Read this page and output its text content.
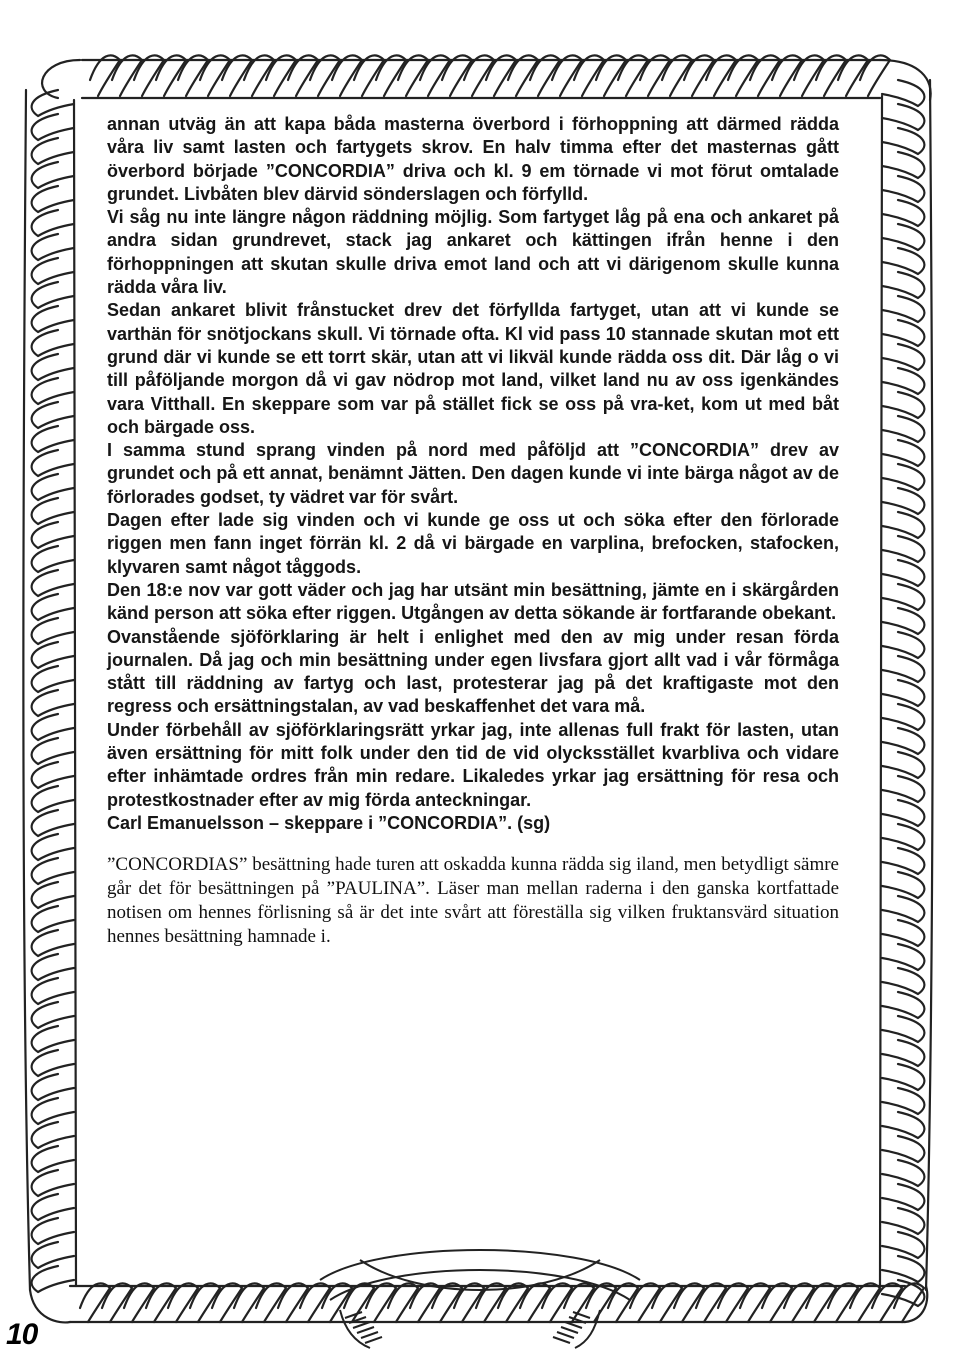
annan utväg än att kapa båda masterna överbord i förhoppning att därmed rädda våra liv samt lasten och fartygets skrov. En halv timma efter det masternas gått överbord började ”CONCORDIA” driva och kl. 9 em törnade vi mot förut omtalade grundet. Livbåten blev därvid sönderslagen och förfylld.

Vi såg nu inte längre någon räddning möjlig. Som fartyget låg på ena och ankaret på andra sidan grundrevet, stack jag ankaret och kättingen ifrån henne i den förhoppningen att skutan skulle driva emot land och att vi därigenom skulle kunna rädda våra liv.

Sedan ankaret blivit frånstucket drev det förfyllda fartyget, utan att vi kunde se varthän för snötjockans skull. Vi törnade ofta. Kl vid pass 10 stannade skutan mot ett grund där vi kunde se ett torrt skär, utan att vi likväl kunde rädda oss dit. Där låg o vi till påföljande morgon då vi gav nödrop mot land, vilket land nu av oss igenkändes vara Vitthall. En skeppare som var på stället fick se oss på vra-ket, kom ut med båt och bärgade oss.

I samma stund sprang vinden på nord med påföljd att ”CONCORDIA” drev av grundet och på ett annat, benämnt Jätten. Den dagen kunde vi inte bärga något av de förlorades godset, ty vädret var för svårt.

Dagen efter lade sig vinden och vi kunde ge oss ut och söka efter den förlorade riggen men fann inget förrän kl. 2 då vi bärgade en varplina, brefocken, stafocken, klyvaren samt något tåggods.

Den 18:e nov var gott väder och jag har utsänt min besättning, jämte en i skärgården känd person att söka efter riggen. Utgången av detta sökande är fortfarande obekant.

Ovanstående sjöförklaring är helt i enlighet med den av mig under resan förda journalen. Då jag och min besättning under egen livsfara gjort allt vad i vår förmåga stått till räddning av fartyg och last, protesterar jag på det kraftigaste mot den regress och ersättningstalan, av vad beskaffenhet det vara må.

Under förbehåll av sjöförklaringsrätt yrkar jag, inte allenas full frakt för lasten, utan även ersättning för mitt folk under den tid de vid olycksstället kvarbliva och vidare efter inhämtade ordres från min redare. Likaledes yrkar jag ersättning för resa och protestkostnader efter av mig förda anteckningar.

Carl Emanuelsson – skeppare i ”CONCORDIA”. (sg)

”CONCORDIAS” besättning hade turen att oskadda kunna rädda sig iland, men betydligt sämre går det för besättningen på ”PAULINA”. Läser man mellan raderna i den ganska kortfattade notisen om hennes förlisning så är det inte svårt att föreställa sig vilken fruktansvärd situation hennes besättning hamnade i.

10
